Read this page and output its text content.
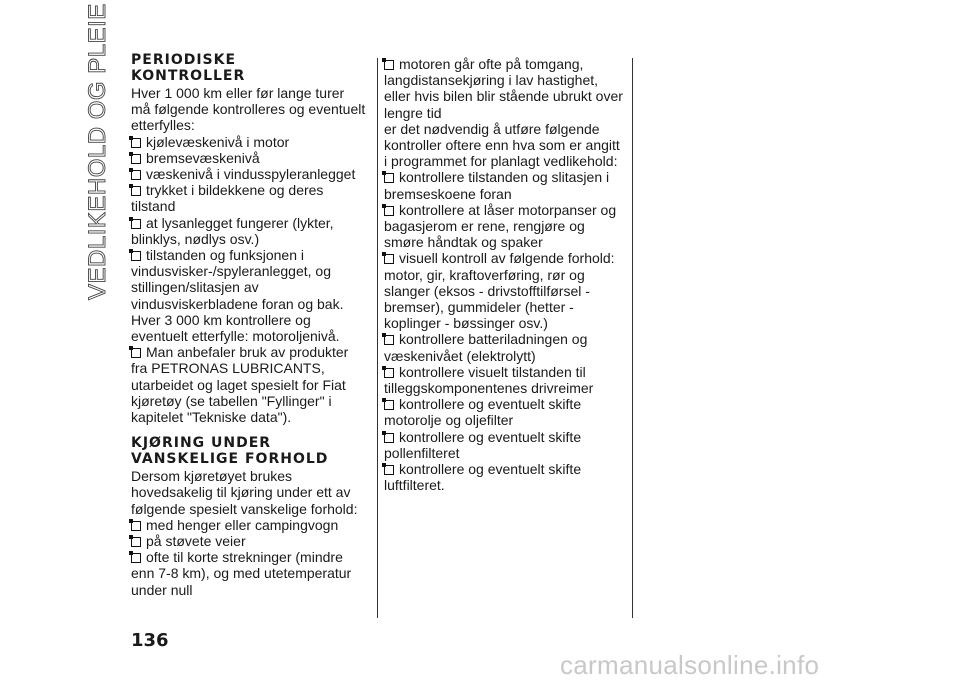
VEDLIKEHOLD OG PLEIE PERIODISKE
KONTROLLER

Hver 1 000 km eller før lange turer må følgende kontrolleres og eventuelt etterfylles:

kjølevæskenivå i motor
bremsevæskenivå
væskenivå i vindusspyleranlegget
trykket i bildekkene og deres tilstand
at lysanlegget fungerer (lykter, blinklys, nødlys osv.)
tilstanden og funksjonen i vindusvisker-/spyleranlegget, og stillingen/slitasjen av vindusviskerbladene foran og bak. Hver 3 000 km kontrollere og eventuelt etterfylle: motoroljenivå.
Man anbefaler bruk av produkter fra PETRONAS LUBRICANTS, utarbeidet og laget spesielt for Fiat kjøretøy (se tabellen "Fyllinger" i kapitelet "Tekniske data").
KJØRING UNDER
VANSKELIGE FORHOLD

Dersom kjøretøyet brukes hovedsakelig til kjøring under ett av følgende spesielt vanskelige forhold:

med henger eller campingvogn
på støvete veier
ofte til korte strekninger (mindre enn 7-8 km), og med utetemperatur under null
motoren går ofte på tomgang, langdistansekjøring i lav hastighet, eller hvis bilen blir stående ubrukt over lengre tid

er det nødvendig å utføre følgende kontroller oftere enn hva som er angitt i programmet for planlagt vedlikehold:

kontrollere tilstanden og slitasjen i bremseskoene foran
kontrollere at låser motorpanser og bagasjerom er rene, rengjøre og smøre håndtak og spaker
visuell kontroll av følgende forhold: motor, gir, kraftoverføring, rør og slanger (eksos - drivstofftilførsel - bremser), gummideler (hetter - koplinger - bøssinger osv.)
kontrollere batteriladningen og væskenivået (elektrolytt)
kontrollere visuelt tilstanden til tilleggskomponentenes drivreimer
kontrollere og eventuelt skifte motorolje og oljefilter
kontrollere og eventuelt skifte pollenfilteret
kontrollere og eventuelt skifte luftfilteret.
136
carmanualsonline.info
